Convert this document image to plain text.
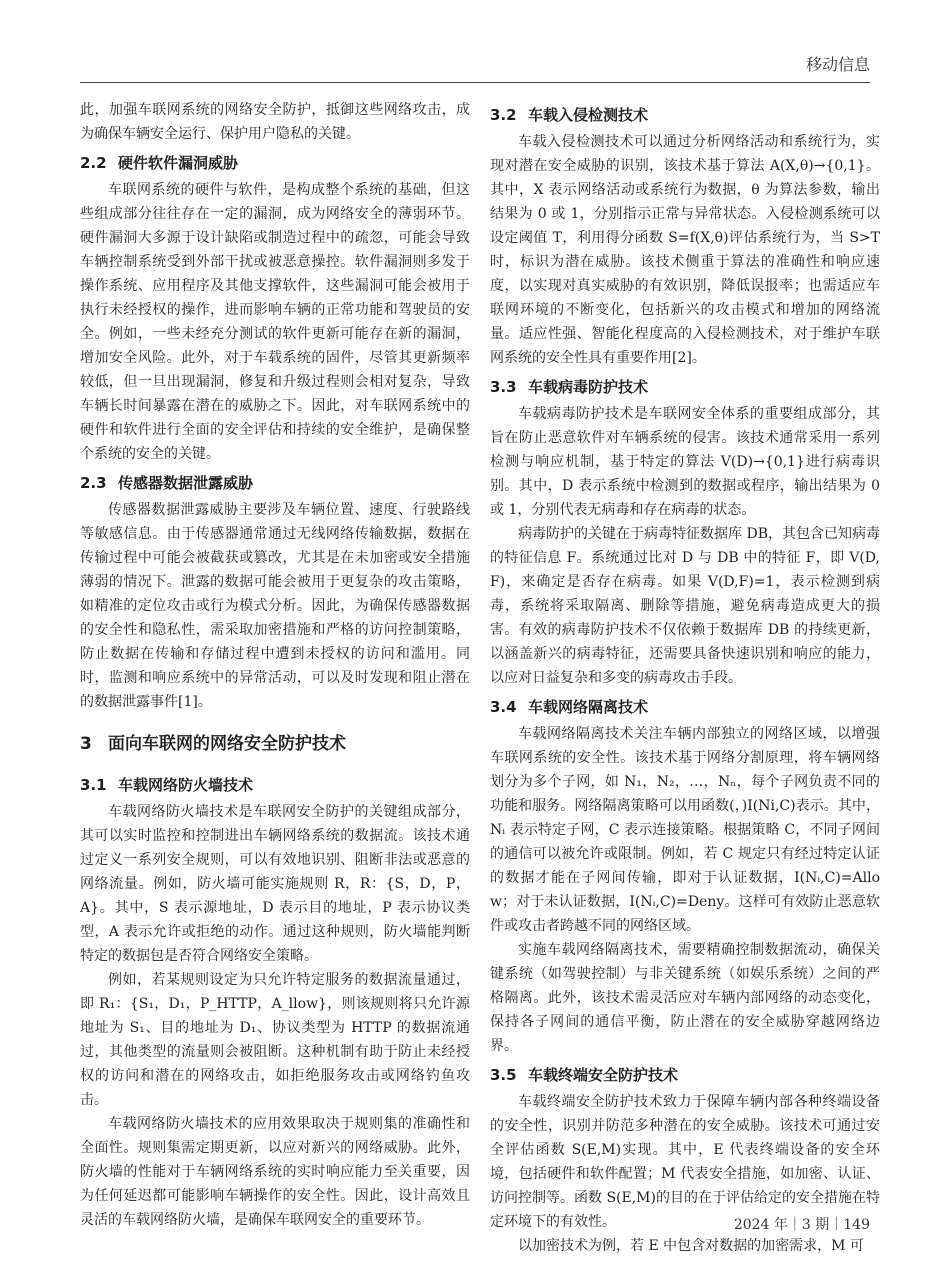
移动信息

此，加强车联网系统的网络安全防护，抵御这些网络攻击，成为确保车辆安全运行、保护用户隐私的关键。

2.2 硬件软件漏洞威胁

车联网系统的硬件与软件，是构成整个系统的基础，但这些组成部分往往存在一定的漏洞，成为网络安全的薄弱环节。硬件漏洞大多源于设计缺陷或制造过程中的疏忽，可能会导致车辆控制系统受到外部干扰或被恶意操控。软件漏洞则多发于操作系统、应用程序及其他支撑软件，这些漏洞可能会被用于执行未经授权的操作，进而影响车辆的正常功能和驾驶员的安全。例如，一些未经充分测试的软件更新可能存在新的漏洞，增加安全风险。此外，对于车载系统的固件，尽管其更新频率较低，但一旦出现漏洞，修复和升级过程则会相对复杂，导致车辆长时间暴露在潜在的威胁之下。因此，对车联网系统中的硬件和软件进行全面的安全评估和持续的安全维护，是确保整个系统的安全的关键。

2.3 传感器数据泄露威胁

传感器数据泄露威胁主要涉及车辆位置、速度、行驶路线等敏感信息。由于传感器通常通过无线网络传输数据，数据在传输过程中可能会被截获或篡改，尤其是在未加密或安全措施薄弱的情况下。泄露的数据可能会被用于更复杂的攻击策略，如精准的定位攻击或行为模式分析。因此，为确保传感器数据的安全性和隐私性，需采取加密措施和严格的访问控制策略，防止数据在传输和存储过程中遭到未授权的访问和滥用。同时，监测和响应系统中的异常活动，可以及时发现和阻止潜在的数据泄露事件[1]。

3 面向车联网的网络安全防护技术
3.1 车载网络防火墙技术

车载网络防火墙技术是车联网安全防护的关键组成部分，其可以实时监控和控制进出车辆网络系统的数据流。该技术通过定义一系列安全规则，可以有效地识别、阻断非法或恶意的网络流量。例如，防火墙可能实施规则 R，R：{S，D，P，A}。其中，S 表示源地址，D 表示目的地址，P 表示协议类型，A 表示允许或拒绝的动作。通过这种规则，防火墙能判断特定的数据包是否符合网络安全策略。

例如，若某规则设定为只允许特定服务的数据流量通过，即 R₁：{S₁，D₁，P_HTTP，A_llow}，则该规则将只允许源地址为 S₁、目的地址为 D₁、协议类型为 HTTP 的数据流通过，其他类型的流量则会被阻断。这种机制有助于防止未经授权的访问和潜在的网络攻击，如拒绝服务攻击或网络钓鱼攻击。

车载网络防火墙技术的应用效果取决于规则集的准确性和全面性。规则集需定期更新，以应对新兴的网络威胁。此外，防火墙的性能对于车辆网络系统的实时响应能力至关重要，因为任何延迟都可能影响车辆操作的安全性。因此，设计高效且灵活的车载网络防火墙，是确保车联网安全的重要环节。

3.2 车载入侵检测技术

车载入侵检测技术可以通过分析网络活动和系统行为，实现对潜在安全威胁的识别，该技术基于算法 A(X,θ)→{0,1}。其中，X 表示网络活动或系统行为数据，θ 为算法参数，输出结果为 0 或 1，分别指示正常与异常状态。入侵检测系统可以设定阈值 T，利用得分函数 S=f(X,θ)评估系统行为，当 S>T 时，标识为潜在威胁。该技术侧重于算法的准确性和响应速度，以实现对真实威胁的有效识别，降低误报率；也需适应车联网环境的不断变化，包括新兴的攻击模式和增加的网络流量。适应性强、智能化程度高的入侵检测技术，对于维护车联网系统的安全性具有重要作用[2]。

3.3 车载病毒防护技术

车载病毒防护技术是车联网安全体系的重要组成部分，其旨在防止恶意软件对车辆系统的侵害。该技术通常采用一系列检测与响应机制，基于特定的算法 V(D)→{0,1}进行病毒识别。其中，D 表示系统中检测到的数据或程序，输出结果为 0 或 1，分别代表无病毒和存在病毒的状态。

病毒防护的关键在于病毒特征数据库 DB，其包含已知病毒的特征信息 F。系统通过比对 D 与 DB 中的特征 F，即 V(D,F)，来确定是否存在病毒。如果 V(D,F)=1，表示检测到病毒，系统将采取隔离、删除等措施，避免病毒造成更大的损害。有效的病毒防护技术不仅依赖于数据库 DB 的持续更新，以涵盖新兴的病毒特征，还需要具备快速识别和响应的能力，以应对日益复杂和多变的病毒攻击手段。

3.4 车载网络隔离技术

车载网络隔离技术关注车辆内部独立的网络区域，以增强车联网系统的安全性。该技术基于网络分割原理，将车辆网络划分为多个子网，如 N₁，N₂，…，Nₙ，每个子网负责不同的功能和服务。网络隔离策略可以用函数(，)I(Ni,C)表示。其中，Nᵢ 表示特定子网，C 表示连接策略。根据策略 C，不同子网间的通信可以被允许或限制。例如，若 C 规定只有经过特定认证的数据才能在子网间传输，即对于认证数据，I(Nᵢ,C)=Allow；对于未认证数据，I(Nᵢ,C)=Deny。这样可有效防止恶意软件或攻击者跨越不同的网络区域。

实施车载网络隔离技术，需要精确控制数据流动，确保关键系统（如驾驶控制）与非关键系统（如娱乐系统）之间的严格隔离。此外，该技术需灵活应对车辆内部网络的动态变化，保持各子网间的通信平衡，防止潜在的安全威胁穿越网络边界。

3.5 车载终端安全防护技术

车载终端安全防护技术致力于保障车辆内部各种终端设备的安全性，识别并防范多种潜在的安全威胁。该技术可通过安全评估函数 S(E,M)实现。其中，E 代表终端设备的安全环境，包括硬件和软件配置；M 代表安全措施，如加密、认证、访问控制等。函数 S(E,M)的目的在于评估给定的安全措施在特定环境下的有效性。

以加密技术为例，若 E 中包含对数据的加密需求，M 可

2024 年｜3 期｜149
